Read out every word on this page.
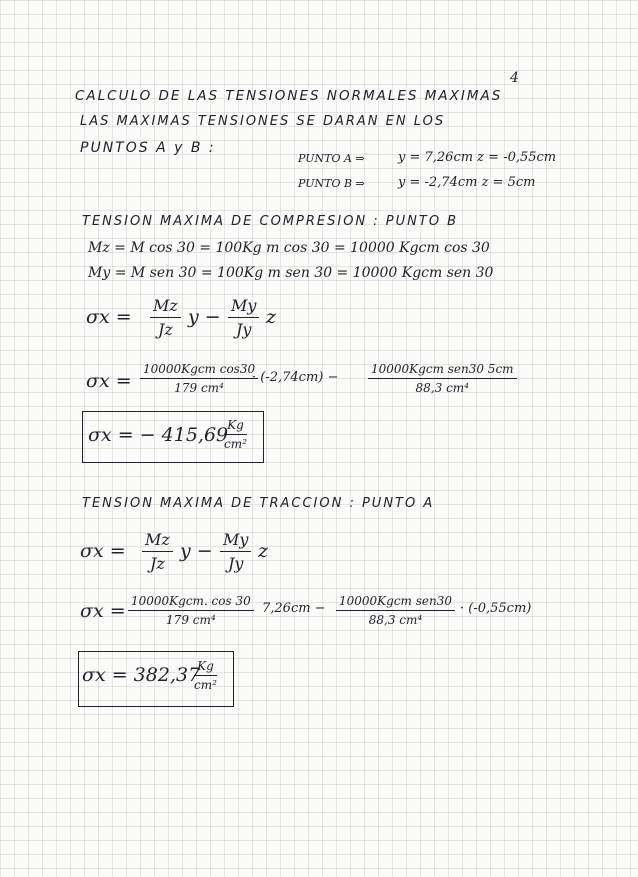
4
CALCULO DE LAS TENSIONES NORMALES MAXIMAS
LAS MAXIMAS TENSIONES SE DARAN EN LOS
PUNTOS A y B :
PUNTO A ⇒	y = 7,26cm z = -0,55cm
PUNTO B ⇒	y = -2,74cm z = 5cm
TENSION MAXIMA DE COMPRESION : PUNTO B
Mz = M cos 30 = 100Kg m cos 30 = 10000 Kgcm cos 30
My = M sen 30 = 100Kg m sen 30 = 10000 Kgcm sen 30
$\sigma x = \frac{Mz}{Jz}$ $y - \frac{My}{Jy}$ z
σx =
10000Kgcm cos30
179 cm⁴
· (-2,74cm) −
10000Kgcm sen30 5cm
88,3 cm⁴
σx = − 415,69
$\frac{Kg}{\text{cm²}}$
TENSION MAXIMA DE TRACCION : PUNTO A
$\sigma x = \frac{Mz}{Jz}$ $y - \frac{My}{Jy}$ z
σx = 10000Kgcm. cos 30
179 cm⁴
7,26cm − 10000Kgcm sen30
88,3 cm⁴
· (-0,55cm)
σx = 382,37
$\frac{Kg}{\text{cm²}}$
